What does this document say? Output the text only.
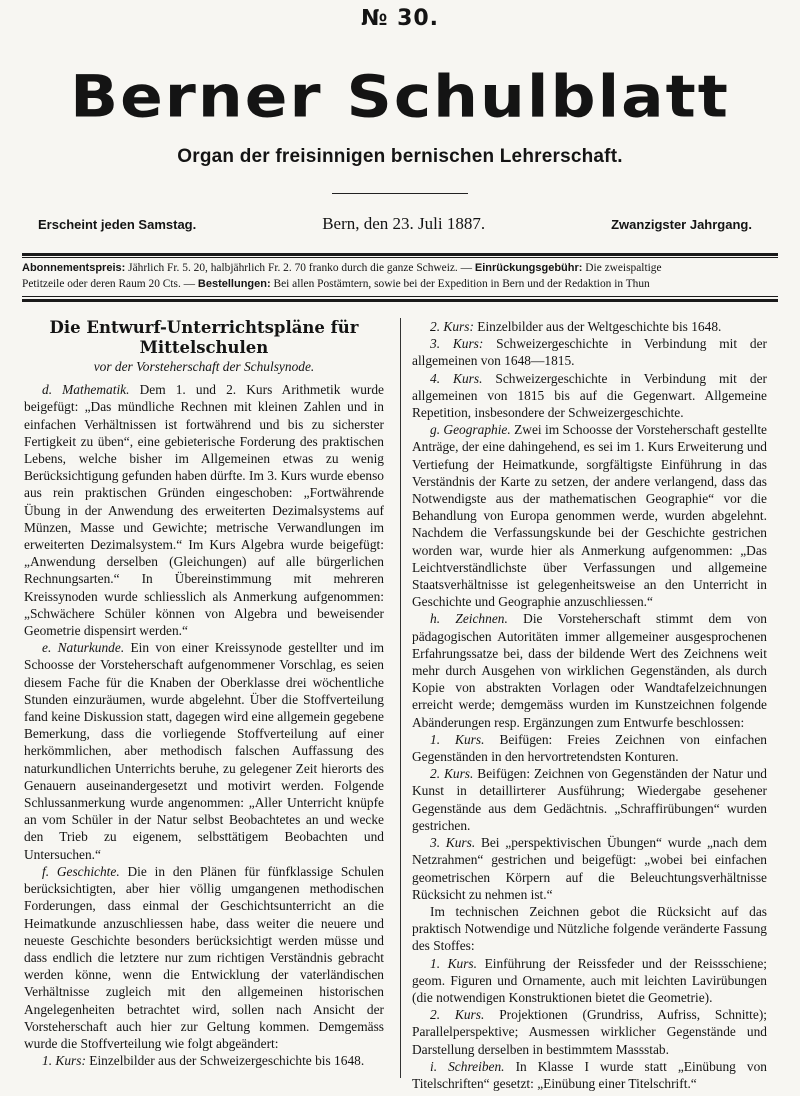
№ 30.
Berner Schulblatt
Organ der freisinnigen bernischen Lehrerschaft.
Erscheint jeden Samstag.	Bern, den 23. Juli 1887.	Zwanzigster Jahrgang.
Abonnementspreis: Jährlich Fr. 5. 20, halbjährlich Fr. 2. 70 franko durch die ganze Schweiz. — Einrückungsgebühr: Die zweispaltige
Petitzeile oder deren Raum 20 Cts. — Bestellungen: Bei allen Postämtern, sowie bei der Expedition in Bern und der Redaktion in Thun
Die Entwurf-Unterrichtspläne für Mittelschulen
vor der Vorsteherschaft der Schulsynode.

d. Mathematik. Dem 1. und 2. Kurs Arithmetik wurde beigefügt: „Das mündliche Rechnen mit kleinen Zahlen und in einfachen Verhältnissen ist fortwährend und bis zu sicherster Fertigkeit zu üben“, eine gebieterische Forderung des praktischen Lebens, welche bisher im Allgemeinen etwas zu wenig Berücksichtigung gefunden haben dürfte. Im 3. Kurs wurde ebenso aus rein praktischen Gründen eingeschoben: „Fortwährende Übung in der Anwendung des erweiterten Dezimalsystems auf Münzen, Masse und Gewichte; metrische Verwandlungen im erweiterten Dezimalsystem.“ Im Kurs Algebra wurde beigefügt: „Anwendung derselben (Gleichungen) auf alle bürgerlichen Rechnungsarten.“ In Übereinstimmung mit mehreren Kreissynoden wurde schliesslich als Anmerkung aufgenommen: „Schwächere Schüler können von Algebra und beweisender Geometrie dispensirt werden.“

e. Naturkunde. Ein von einer Kreissynode gestellter und im Schoosse der Vorsteherschaft aufgenommener Vorschlag, es seien diesem Fache für die Knaben der Oberklasse drei wöchentliche Stunden einzuräumen, wurde abgelehnt. Über die Stoffverteilung fand keine Diskussion statt, dagegen wird eine allgemein gegebene Bemerkung, dass die vorliegende Stoffverteilung auf einer herkömmlichen, aber methodisch falschen Auffassung des naturkundlichen Unterrichts beruhe, zu gelegener Zeit hierorts des Genauern auseinandergesetzt und motivirt werden. Folgende Schlussanmerkung wurde angenommen: „Aller Unterricht knüpfe an vom Schüler in der Natur selbst Beobachtetes an und wecke den Trieb zu eigenem, selbsttätigem Beobachten und Untersuchen.“

f. Geschichte. Die in den Plänen für fünfklassige Schulen berücksichtigten, aber hier völlig umgangenen methodischen Forderungen, dass einmal der Geschichtsunterricht an die Heimatkunde anzuschliessen habe, dass weiter die neuere und neueste Geschichte besonders berücksichtigt werden müsse und dass endlich die letztere nur zum richtigen Verständnis gebracht werden könne, wenn die Entwicklung der vaterländischen Verhältnisse zugleich mit den allgemeinen historischen Angelegenheiten betrachtet wird, sollen nach Ansicht der Vorsteherschaft auch hier zur Geltung kommen. Demgemäss wurde die Stoffverteilung wie folgt abgeändert:

1. Kurs: Einzelbilder aus der Schweizergeschichte bis 1648.

2. Kurs: Einzelbilder aus der Weltgeschichte bis 1648.

3. Kurs: Schweizergeschichte in Verbindung mit der allgemeinen von 1648—1815.

4. Kurs. Schweizergeschichte in Verbindung mit der allgemeinen von 1815 bis auf die Gegenwart. Allgemeine Repetition, insbesondere der Schweizergeschichte.

g. Geographie. Zwei im Schoosse der Vorsteherschaft gestellte Anträge, der eine dahingehend, es sei im 1. Kurs Erweiterung und Vertiefung der Heimatkunde, sorgfältigste Einführung in das Verständnis der Karte zu setzen, der andere verlangend, dass das Notwendigste aus der mathematischen Geographie“ vor die Behandlung von Europa genommen werde, wurden abgelehnt. Nachdem die Verfassungskunde bei der Geschichte gestrichen worden war, wurde hier als Anmerkung aufgenommen: „Das Leichtverständlichste über Verfassungen und allgemeine Staatsverhältnisse ist gelegenheitsweise an den Unterricht in Geschichte und Geographie anzuschliessen.“

h. Zeichnen. Die Vorsteherschaft stimmt dem von pädagogischen Autoritäten immer allgemeiner ausgesprochenen Erfahrungssatze bei, dass der bildende Wert des Zeichnens weit mehr durch Ausgehen von wirklichen Gegenständen, als durch Kopie von abstrakten Vorlagen oder Wandtafelzeichnungen erreicht werde; demgemäss wurden im Kunstzeichnen folgende Abänderungen resp. Ergänzungen zum Entwurfe beschlossen:

1. Kurs. Beifügen: Freies Zeichnen von einfachen Gegenständen in den hervortretendsten Konturen.

2. Kurs. Beifügen: Zeichnen von Gegenständen der Natur und Kunst in detaillirterer Ausführung; Wiedergabe gesehener Gegenstände aus dem Gedächtnis. „Schraffirübungen“ wurden gestrichen.

3. Kurs. Bei „perspektivischen Übungen“ wurde „nach dem Netzrahmen“ gestrichen und beigefügt: „wobei bei einfachen geometrischen Körpern auf die Beleuchtungsverhältnisse Rücksicht zu nehmen ist.“

Im technischen Zeichnen gebot die Rücksicht auf das praktisch Notwendige und Nützliche folgende veränderte Fassung des Stoffes:

1. Kurs. Einführung der Reissfeder und der Reissschiene; geom. Figuren und Ornamente, auch mit leichten Lavirübungen (die notwendigen Konstruktionen bietet die Geometrie).

2. Kurs. Projektionen (Grundriss, Aufriss, Schnitte); Parallelperspektive; Ausmessen wirklicher Gegenstände und Darstellung derselben in bestimmtem Massstab.

i. Schreiben. In Klasse I wurde statt „Einübung von Titelschriften“ gesetzt: „Einübung einer Titelschrift.“
